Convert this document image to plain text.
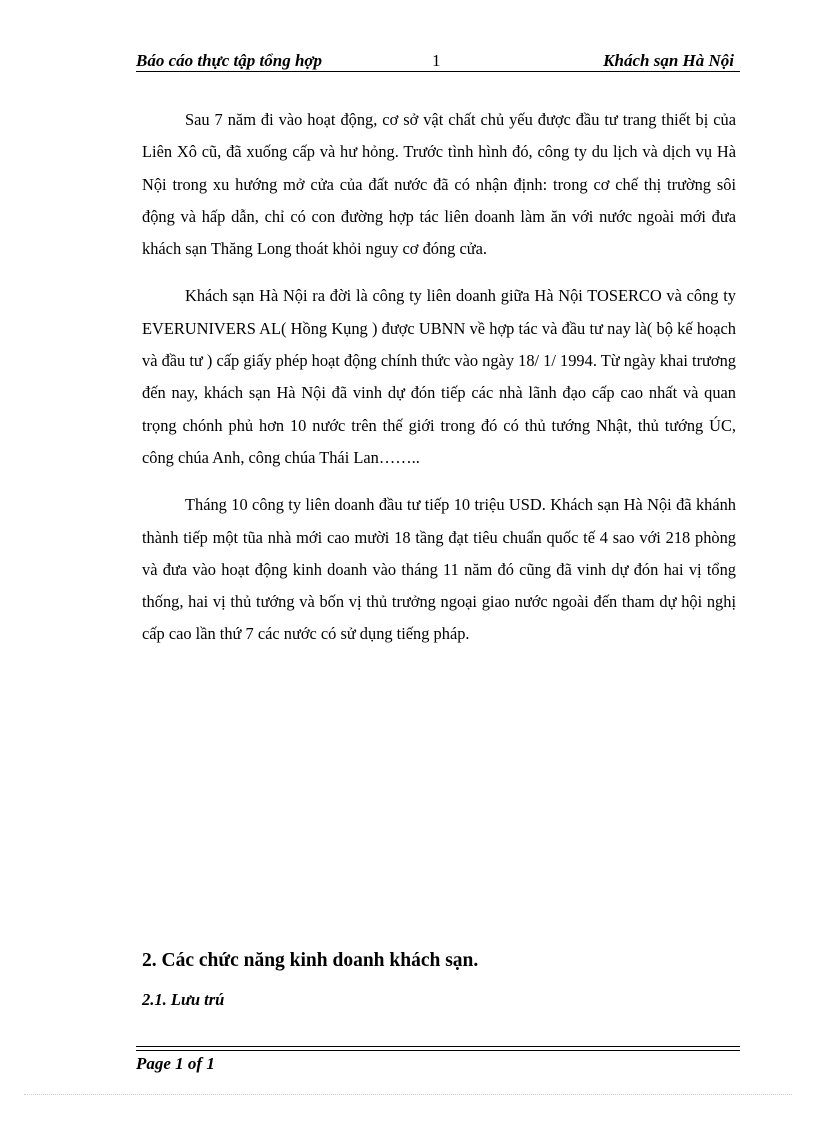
Báo cáo thực tập tổng hợp	1	Khách sạn Hà Nội

Sau 7 năm đi vào hoạt động, cơ sở vật chất chủ yếu được đầu tư trang thiết bị của Liên Xô cũ, đã xuống cấp và hư hỏng. Trước tình hình đó, công ty du lịch và dịch vụ Hà Nội trong xu hướng mở cửa của đất nước đã có nhận định: trong cơ chế thị trường sôi động và hấp dẫn, chỉ có con đường hợp tác liên doanh làm ăn với nước ngoài mới đưa khách sạn Thăng Long thoát khỏi nguy cơ đóng cửa.

Khách sạn Hà Nội ra đời là công ty liên doanh giữa Hà Nội TOSERCO và công ty EVERUNIVERS AL( Hồng Kụng ) được UBNN về hợp tác và đầu tư nay là( bộ kế hoạch và đầu tư ) cấp giấy phép hoạt động chính thức vào ngày 18/ 1/ 1994. Từ ngày khai trương đến nay, khách sạn Hà Nội đã vinh dự đón tiếp các nhà lãnh đạo cấp cao nhất và quan trọng chónh phủ hơn 10 nước trên thế giới trong đó có thủ tướng Nhật, thủ tướng ÚC, công chúa Anh, công chúa Thái Lan……..

Tháng 10 công ty liên doanh đầu tư tiếp 10 triệu USD. Khách sạn Hà Nội đã khánh thành tiếp một tũa nhà mới cao mười 18 tầng đạt tiêu chuẩn quốc tế 4 sao với 218 phòng và đưa vào hoạt động kinh doanh vào tháng 11 năm đó cũng đã vinh dự đón hai vị tổng thống, hai vị thủ tướng và bốn vị thủ trưởng ngoại giao nước ngoài đến tham dự hội nghị cấp cao lần thứ 7 các nước có sử dụng tiếng pháp.

2. Các chức năng kinh doanh khách sạn.
2.1. Lưu trú
Page 1 of 1
